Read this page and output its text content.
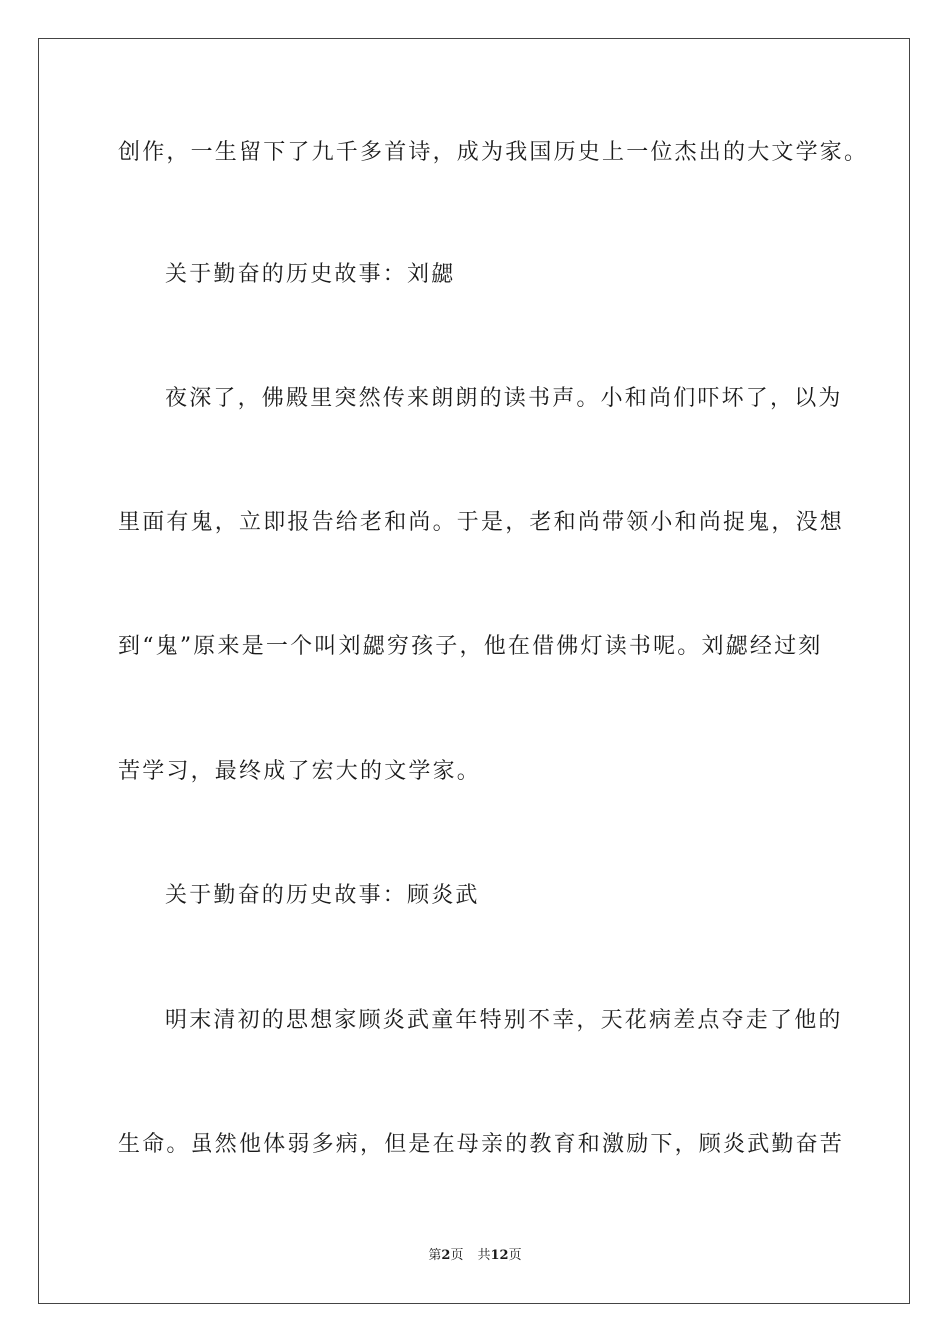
创作，一生留下了九千多首诗，成为我国历史上一位杰出的大文学家。
关于勤奋的历史故事：刘勰
夜深了，佛殿里突然传来朗朗的读书声。小和尚们吓坏了，以为
里面有鬼，立即报告给老和尚。于是，老和尚带领小和尚捉鬼，没想
到“鬼”原来是一个叫刘勰穷孩子，他在借佛灯读书呢。刘勰经过刻
苦学习，最终成了宏大的文学家。
关于勤奋的历史故事：顾炎武
明末清初的思想家顾炎武童年特别不幸，天花病差点夺走了他的
生命。虽然他体弱多病，但是在母亲的教育和激励下，顾炎武勤奋苦
第2页 共12页
